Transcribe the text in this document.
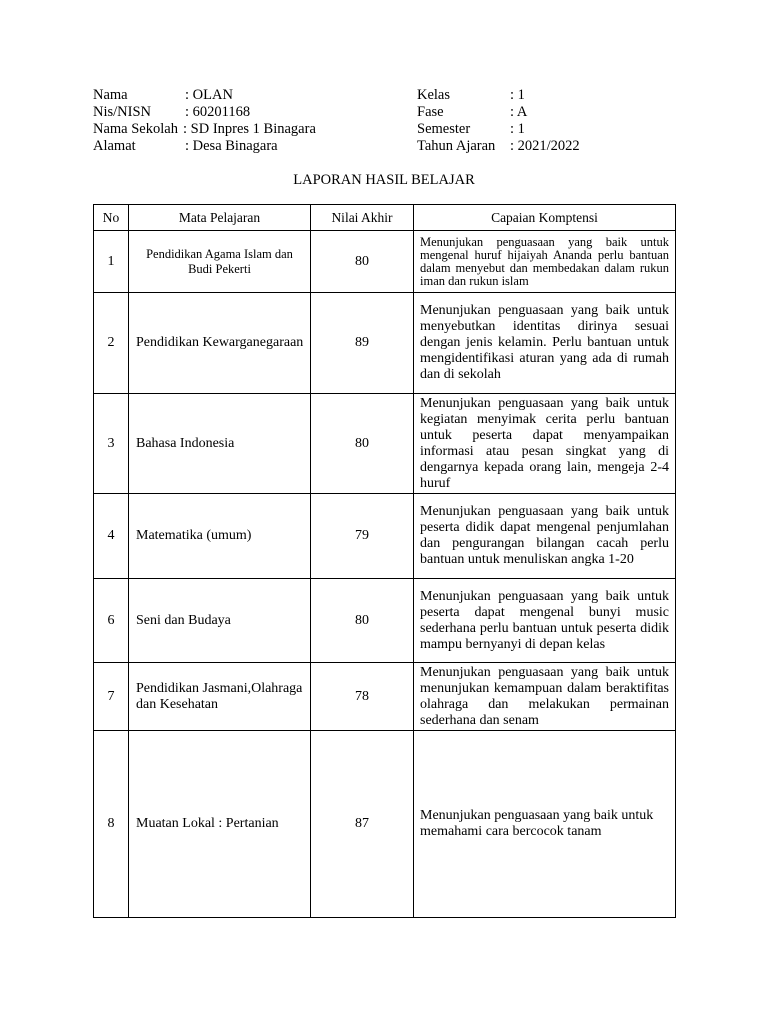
Nama	: OLAN	Kelas	: 1
Nis/NISN : 60201168	Fase	: A
Nama Sekolah : SD Inpres 1 Binagara	Semester	: 1
Alamat	: Desa Binagara	Tahun Ajaran : 2021/2022
LAPORAN HASIL BELAJAR
No	Mata Pelajaran	Nilai Akhir	Capaian Komptensi
1	Pendidikan Agama Islam dan Budi Pekerti	80	Menunjukan penguasaan yang baik untuk mengenal huruf hijaiyah Ananda perlu bantuan dalam menyebut dan membedakan dalam rukun iman dan rukun islam
2	Pendidikan Kewarganegaraan	89	Menunjukan penguasaan yang baik untuk menyebutkan identitas dirinya sesuai dengan jenis kelamin. Perlu bantuan untuk mengidentifikasi aturan yang ada di rumah dan di sekolah
3	Bahasa Indonesia	80	Menunjukan penguasaan yang baik untuk kegiatan menyimak cerita perlu bantuan untuk peserta dapat menyampaikan informasi atau pesan singkat yang di dengarnya kepada orang lain, mengeja 2-4 huruf
4	Matematika (umum)	79	Menunjukan penguasaan yang baik untuk peserta didik dapat mengenal penjumlahan dan pengurangan bilangan cacah perlu bantuan untuk menuliskan angka 1-20
6	Seni dan Budaya	80	Menunjukan penguasaan yang baik untuk peserta dapat mengenal bunyi music sederhana perlu bantuan untuk peserta didik mampu bernyanyi di depan kelas
7	Pendidikan Jasmani,Olahraga dan Kesehatan	78	Menunjukan penguasaan yang baik untuk menunjukan kemampuan dalam beraktifitas olahraga dan melakukan permainan sederhana dan senam
8	Muatan Lokal : Pertanian	87	Menunjukan penguasaan yang baik untuk memahami cara bercocok tanam
